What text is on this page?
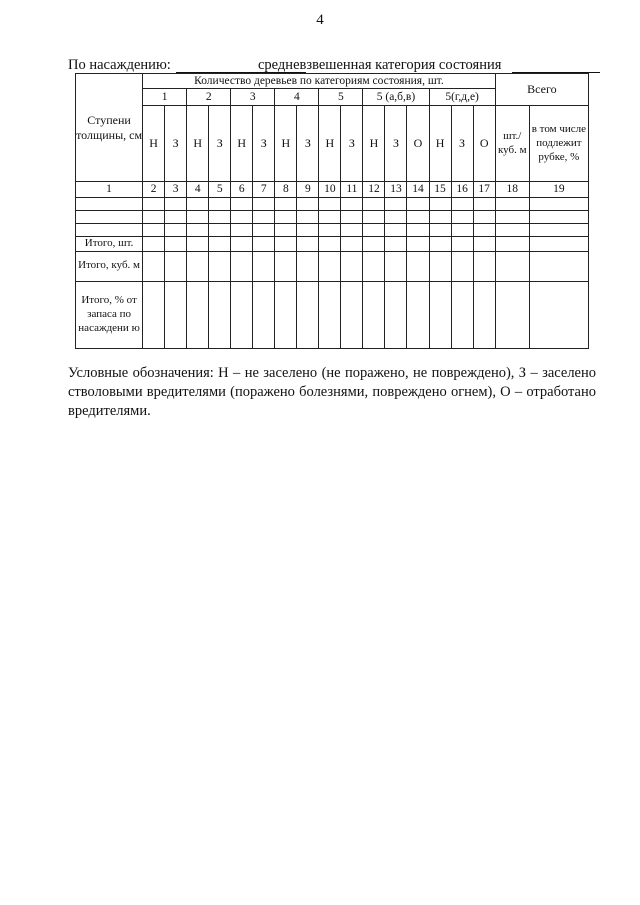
4
По насаждению:	средневзвешенная категория состояния
Ступени толщины, см	Количество деревьев по категориям состояния, шт.																Всего	
	1		2		3		4		5		5 (а,б,в)			5(г,д,е)				
	Н	З	Н	З	Н	З	Н	З	Н	З	Н	З	О	Н	З	О	шт./ куб. м	в том числе подлежит рубке, %
1	2	3	4	5	6	7	8	9	10	11	12	13	14	15	16	17	18	19

Итого, шт.																		
Итого, куб. м																		
Итого, % от запаса по насаждени ю																		
Условные обозначения: Н – не заселено (не поражено, не повреждено), З – заселено стволовыми вредителями (поражено болезнями, повреждено огнем), О – отработано вредителями.
